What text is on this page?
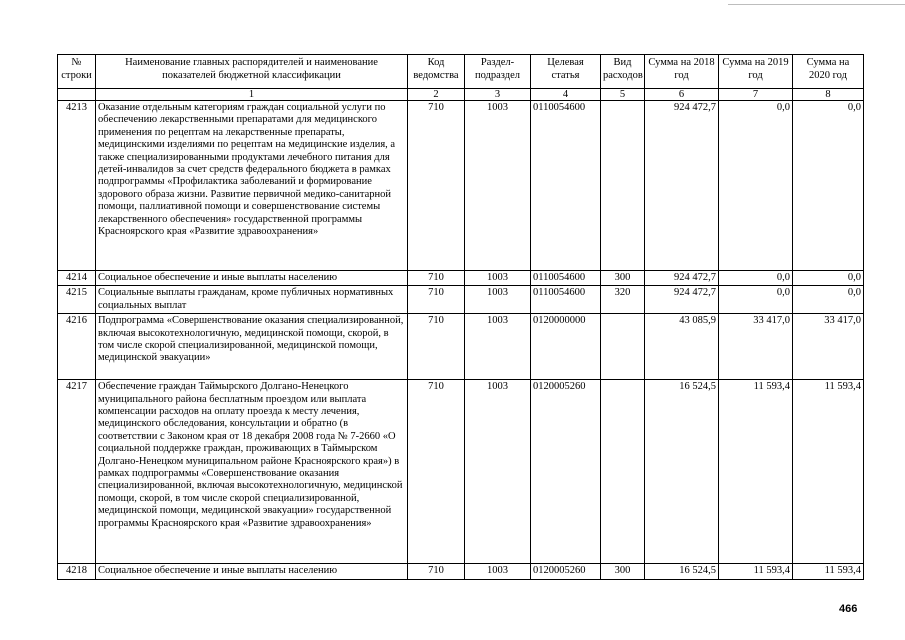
№ строки	Наименование главных распорядителей и наименование показателей бюджетной классификации	Код ведомства	Раздел-подраздел	Целевая статья	Вид расходов	Сумма на 2018 год	Сумма на 2019 год	Сумма на 2020 год
	1	2	3	4	5	6	7	8
4213	Оказание отдельным категориям граждан социальной услуги по обеспечению лекарственными препаратами для медицинского применения по рецептам на лекарственные препараты, медицинскими изделиями по рецептам на медицинские изделия, а также специализированными продуктами лечебного питания для детей-инвалидов за счет средств федерального бюджета в рамках подпрограммы «Профилактика заболеваний и формирование здорового образа жизни. Развитие первичной медико-санитарной помощи, паллиативной помощи и совершенствование системы лекарственного обеспечения» государственной программы Красноярского края «Развитие здравоохранения»	710	1003	0110054600		924 472,7	0,0	0,0
4214	Социальное обеспечение и иные выплаты населению	710	1003	0110054600	300	924 472,7	0,0	0,0
4215	Социальные выплаты гражданам, кроме публичных нормативных социальных выплат	710	1003	0110054600	320	924 472,7	0,0	0,0
4216	Подпрограмма «Совершенствование оказания специализированной, включая высокотехнологичную, медицинской помощи, скорой, в том числе скорой специализированной, медицинской помощи, медицинской эвакуации»	710	1003	0120000000		43 085,9	33 417,0	33 417,0
4217	Обеспечение граждан Таймырского Долгано-Ненецкого муниципального района бесплатным проездом или выплата компенсации расходов на оплату проезда к месту лечения, медицинского обследования, консультации и обратно (в соответствии с Законом края от 18 декабря 2008 года № 7-2660 «О социальной поддержке граждан, проживающих в Таймырском Долгано-Ненецком муниципальном районе Красноярского края») в рамках подпрограммы «Совершенствование оказания специализированной, включая высокотехнологичную, медицинской помощи, скорой, в том числе скорой специализированной, медицинской помощи, медицинской эвакуации» государственной программы Красноярского края «Развитие здравоохранения»	710	1003	0120005260		16 524,5	11 593,4	11 593,4
4218	Социальное обеспечение и иные выплаты населению	710	1003	0120005260	300	16 524,5	11 593,4	11 593,4
466
